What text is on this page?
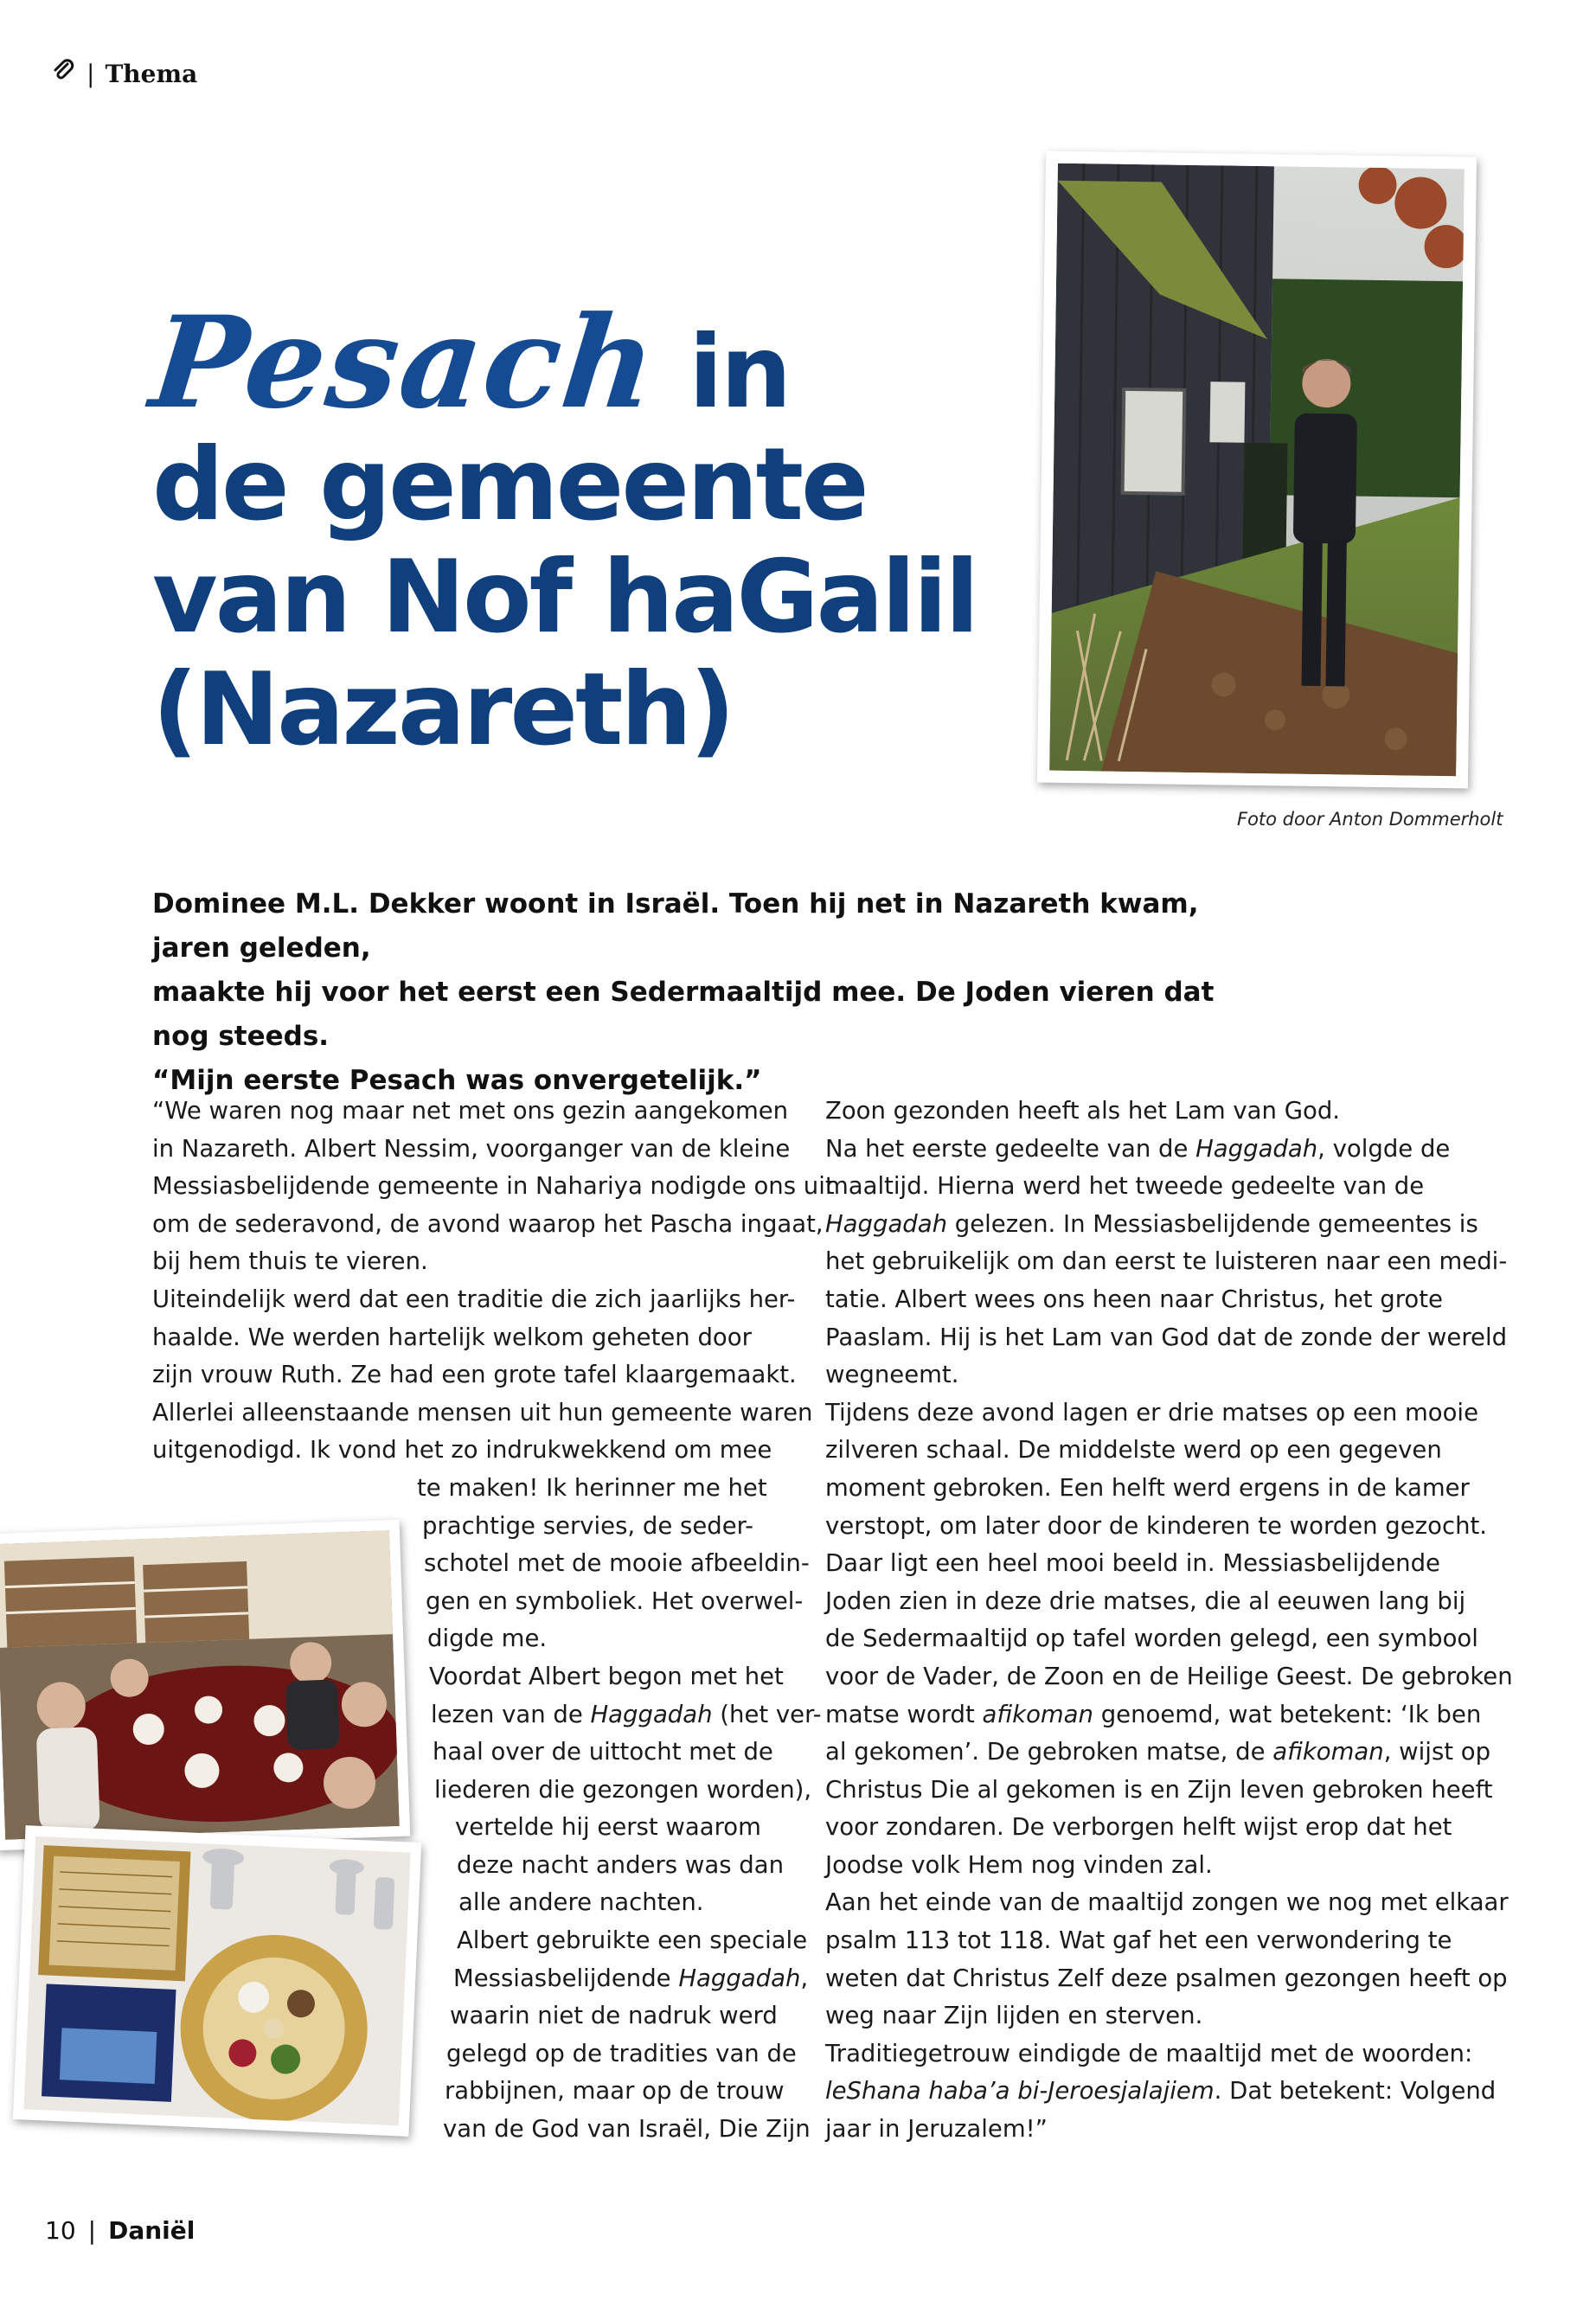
| Thema
Pesach in
de gemeente
van Nof haGalil
(Nazareth)
Foto door Anton Dommerholt
Dominee M.L. Dekker woont in Israël. Toen hij net in Nazareth kwam, jaren geleden,
maakte hij voor het eerst een Sedermaaltijd mee. De Joden vieren dat nog steeds.
“Mijn eerste Pesach was onvergetelijk.”

“We waren nog maar net met ons gezin aangekomen

in Nazareth. Albert Nessim, voorganger van de kleine

Messiasbelijdende gemeente in Nahariya nodigde ons uit

om de sederavond, de avond waarop het Pascha ingaat,

bij hem thuis te vieren.

Uiteindelijk werd dat een traditie die zich jaarlijks her-

haalde. We werden hartelijk welkom geheten door

zijn vrouw Ruth. Ze had een grote tafel klaargemaakt.

Allerlei alleenstaande mensen uit hun gemeente waren

uitgenodigd. Ik vond het zo indrukwekkend om mee

te maken! Ik herinner me het

prachtige servies, de seder-

schotel met de mooie afbeeldin-

gen en symboliek. Het overwel-

digde me.

Voordat Albert begon met het

lezen van de Haggadah (het ver-

haal over de uittocht met de

liederen die gezongen worden),

vertelde hij eerst waarom

deze nacht anders was dan

alle andere nachten.

Albert gebruikte een speciale

Messiasbelijdende Haggadah,

waarin niet de nadruk werd

gelegd op de tradities van de

rabbijnen, maar op de trouw

van de God van Israël, Die Zijn

Zoon gezonden heeft als het Lam van God.

Na het eerste gedeelte van de Haggadah, volgde de

maaltijd. Hierna werd het tweede gedeelte van de

Haggadah gelezen. In Messiasbelijdende gemeentes is

het gebruikelijk om dan eerst te luisteren naar een medi-

tatie. Albert wees ons heen naar Christus, het grote

Paaslam. Hij is het Lam van God dat de zonde der wereld

wegneemt.

Tijdens deze avond lagen er drie matses op een mooie

zilveren schaal. De middelste werd op een gegeven

moment gebroken. Een helft werd ergens in de kamer

verstopt, om later door de kinderen te worden gezocht.

Daar ligt een heel mooi beeld in. Messiasbelijdende

Joden zien in deze drie matses, die al eeuwen lang bij

de Sedermaaltijd op tafel worden gelegd, een symbool

voor de Vader, de Zoon en de Heilige Geest. De gebroken

matse wordt afikoman genoemd, wat betekent: ‘Ik ben

al gekomen’. De gebroken matse, de afikoman, wijst op

Christus Die al gekomen is en Zijn leven gebroken heeft

voor zondaren. De verborgen helft wijst erop dat het

Joodse volk Hem nog vinden zal.

Aan het einde van de maaltijd zongen we nog met elkaar

psalm 113 tot 118. Wat gaf het een verwondering te

weten dat Christus Zelf deze psalmen gezongen heeft op

weg naar Zijn lijden en sterven.

Traditiegetrouw eindigde de maaltijd met de woorden:

leShana haba’a bi-Jeroesjalajiem. Dat betekent: Volgend

jaar in Jeruzalem!”

10 | Daniël
